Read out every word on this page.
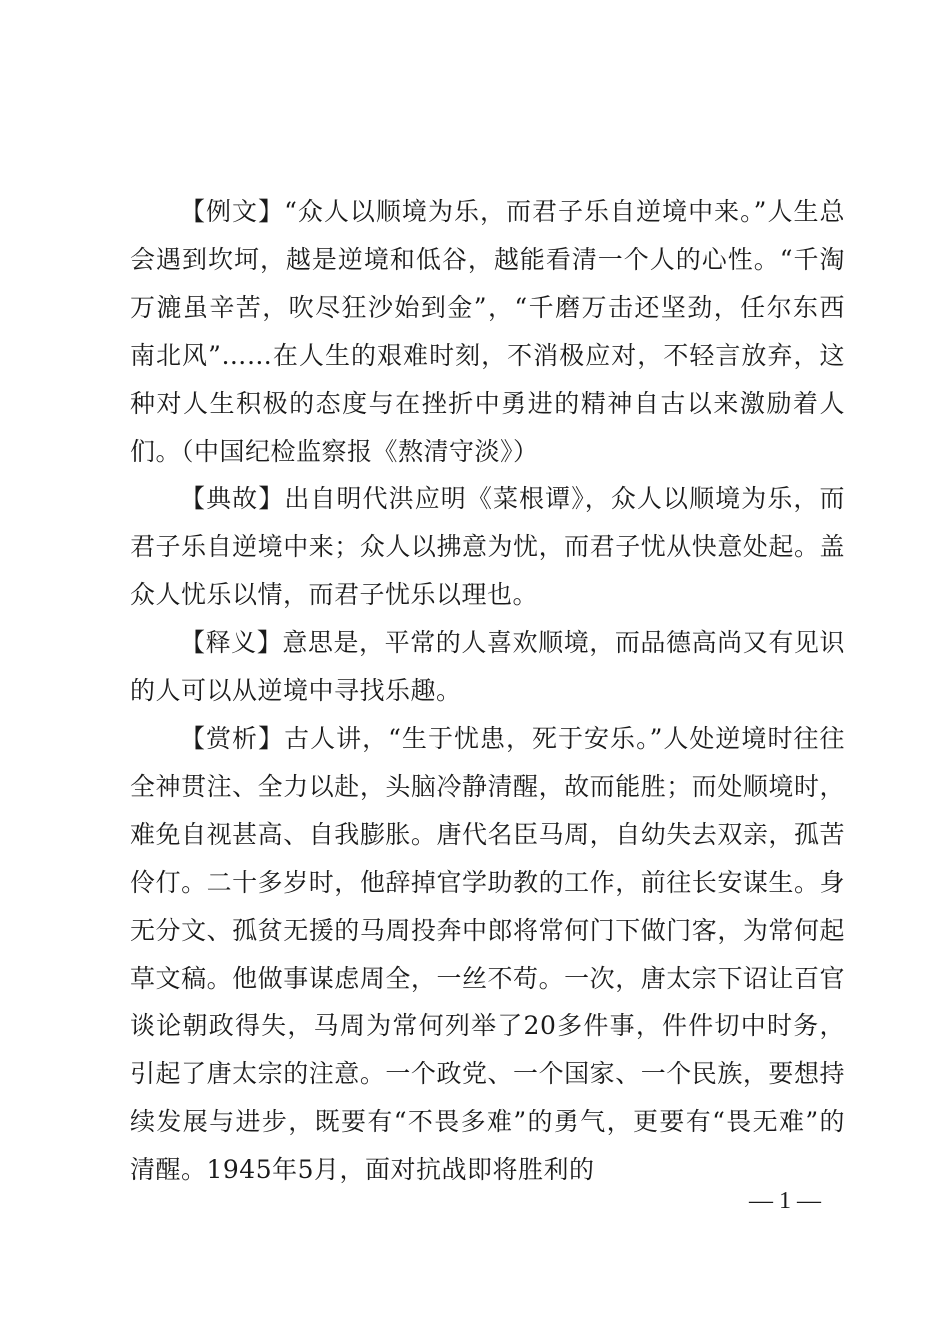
【例文】“众人以顺境为乐，而君子乐自逆境中来。”人生总会遇到坎坷，越是逆境和低谷，越能看清一个人的心性。“千淘万漉虽辛苦，吹尽狂沙始到金”，“千磨万击还坚劲，任尔东西南北风”……在人生的艰难时刻，不消极应对，不轻言放弃，这种对人生积极的态度与在挫折中勇进的精神自古以来激励着人们。（中国纪检监察报《熬清守淡》）

【典故】出自明代洪应明《菜根谭》，众人以顺境为乐，而君子乐自逆境中来；众人以拂意为忧，而君子忧从快意处起。盖众人忧乐以情，而君子忧乐以理也。

【释义】意思是，平常的人喜欢顺境，而品德高尚又有见识的人可以从逆境中寻找乐趣。

【赏析】古人讲，“生于忧患，死于安乐。”人处逆境时往往全神贯注、全力以赴，头脑冷静清醒，故而能胜；而处顺境时，难免自视甚高、自我膨胀。唐代名臣马周，自幼失去双亲，孤苦伶仃。二十多岁时，他辞掉官学助教的工作，前往长安谋生。身无分文、孤贫无援的马周投奔中郎将常何门下做门客，为常何起草文稿。他做事谋虑周全，一丝不苟。一次，唐太宗下诏让百官谈论朝政得失，马周为常何列举了20多件事，件件切中时务，引起了唐太宗的注意。一个政党、一个国家、一个民族，要想持续发展与进步，既要有“不畏多难”的勇气，更要有“畏无难”的清醒。1945年5月，面对抗战即将胜利的

— 1 —
